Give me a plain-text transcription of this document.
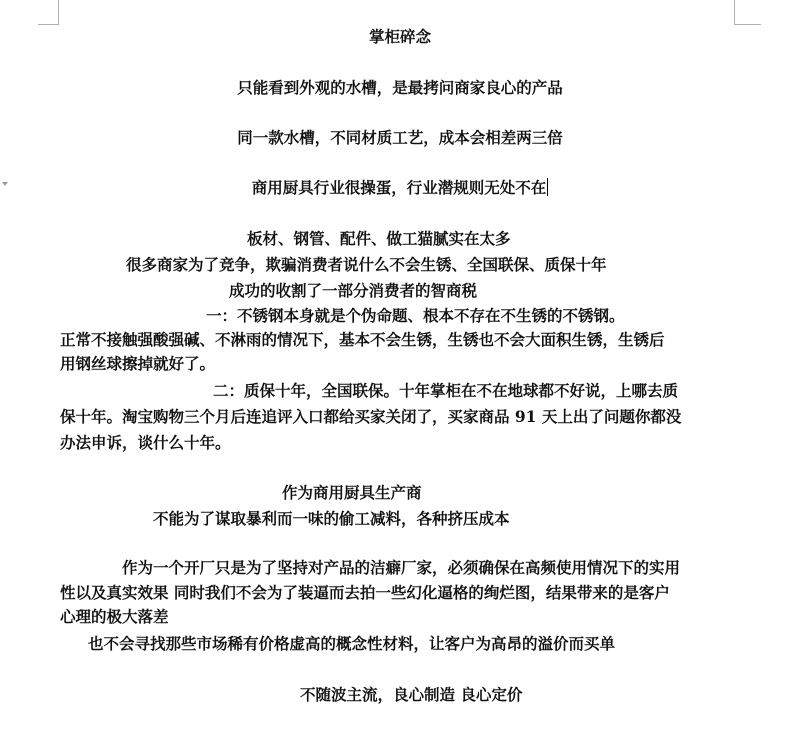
掌柜碎念
只能看到外观的水槽，是最拷问商家良心的产品
同一款水槽，不同材质工艺，成本会相差两三倍
商用厨具行业很操蛋，行业潜规则无处不在
板材、钢管、配件、做工猫腻实在太多
很多商家为了竞争，欺骗消费者说什么不会生锈、全国联保、质保十年
成功的收割了一部分消费者的智商税
一：不锈钢本身就是个伪命题、根本不存在不生锈的不锈钢。
正常不接触强酸强碱、不淋雨的情况下，基本不会生锈，生锈也不会大面积生锈，生锈后
用钢丝球擦掉就好了。
二：质保十年，全国联保。十年掌柜在不在地球都不好说，上哪去质
保十年。淘宝购物三个月后连追评入口都给买家关闭了，买家商品 91 天上出了问题你都没
办法申诉，谈什么十年。
作为商用厨具生产商
不能为了谋取暴利而一味的偷工减料，各种挤压成本
作为一个开厂只是为了坚持对产品的洁癖厂家，必须确保在高频使用情况下的实用
性以及真实效果 同时我们不会为了装逼而去拍一些幻化逼格的绚烂图，结果带来的是客户
心理的极大落差
也不会寻找那些市场稀有价格虚高的概念性材料，让客户为高昂的溢价而买单
不随波主流，良心制造 良心定价
